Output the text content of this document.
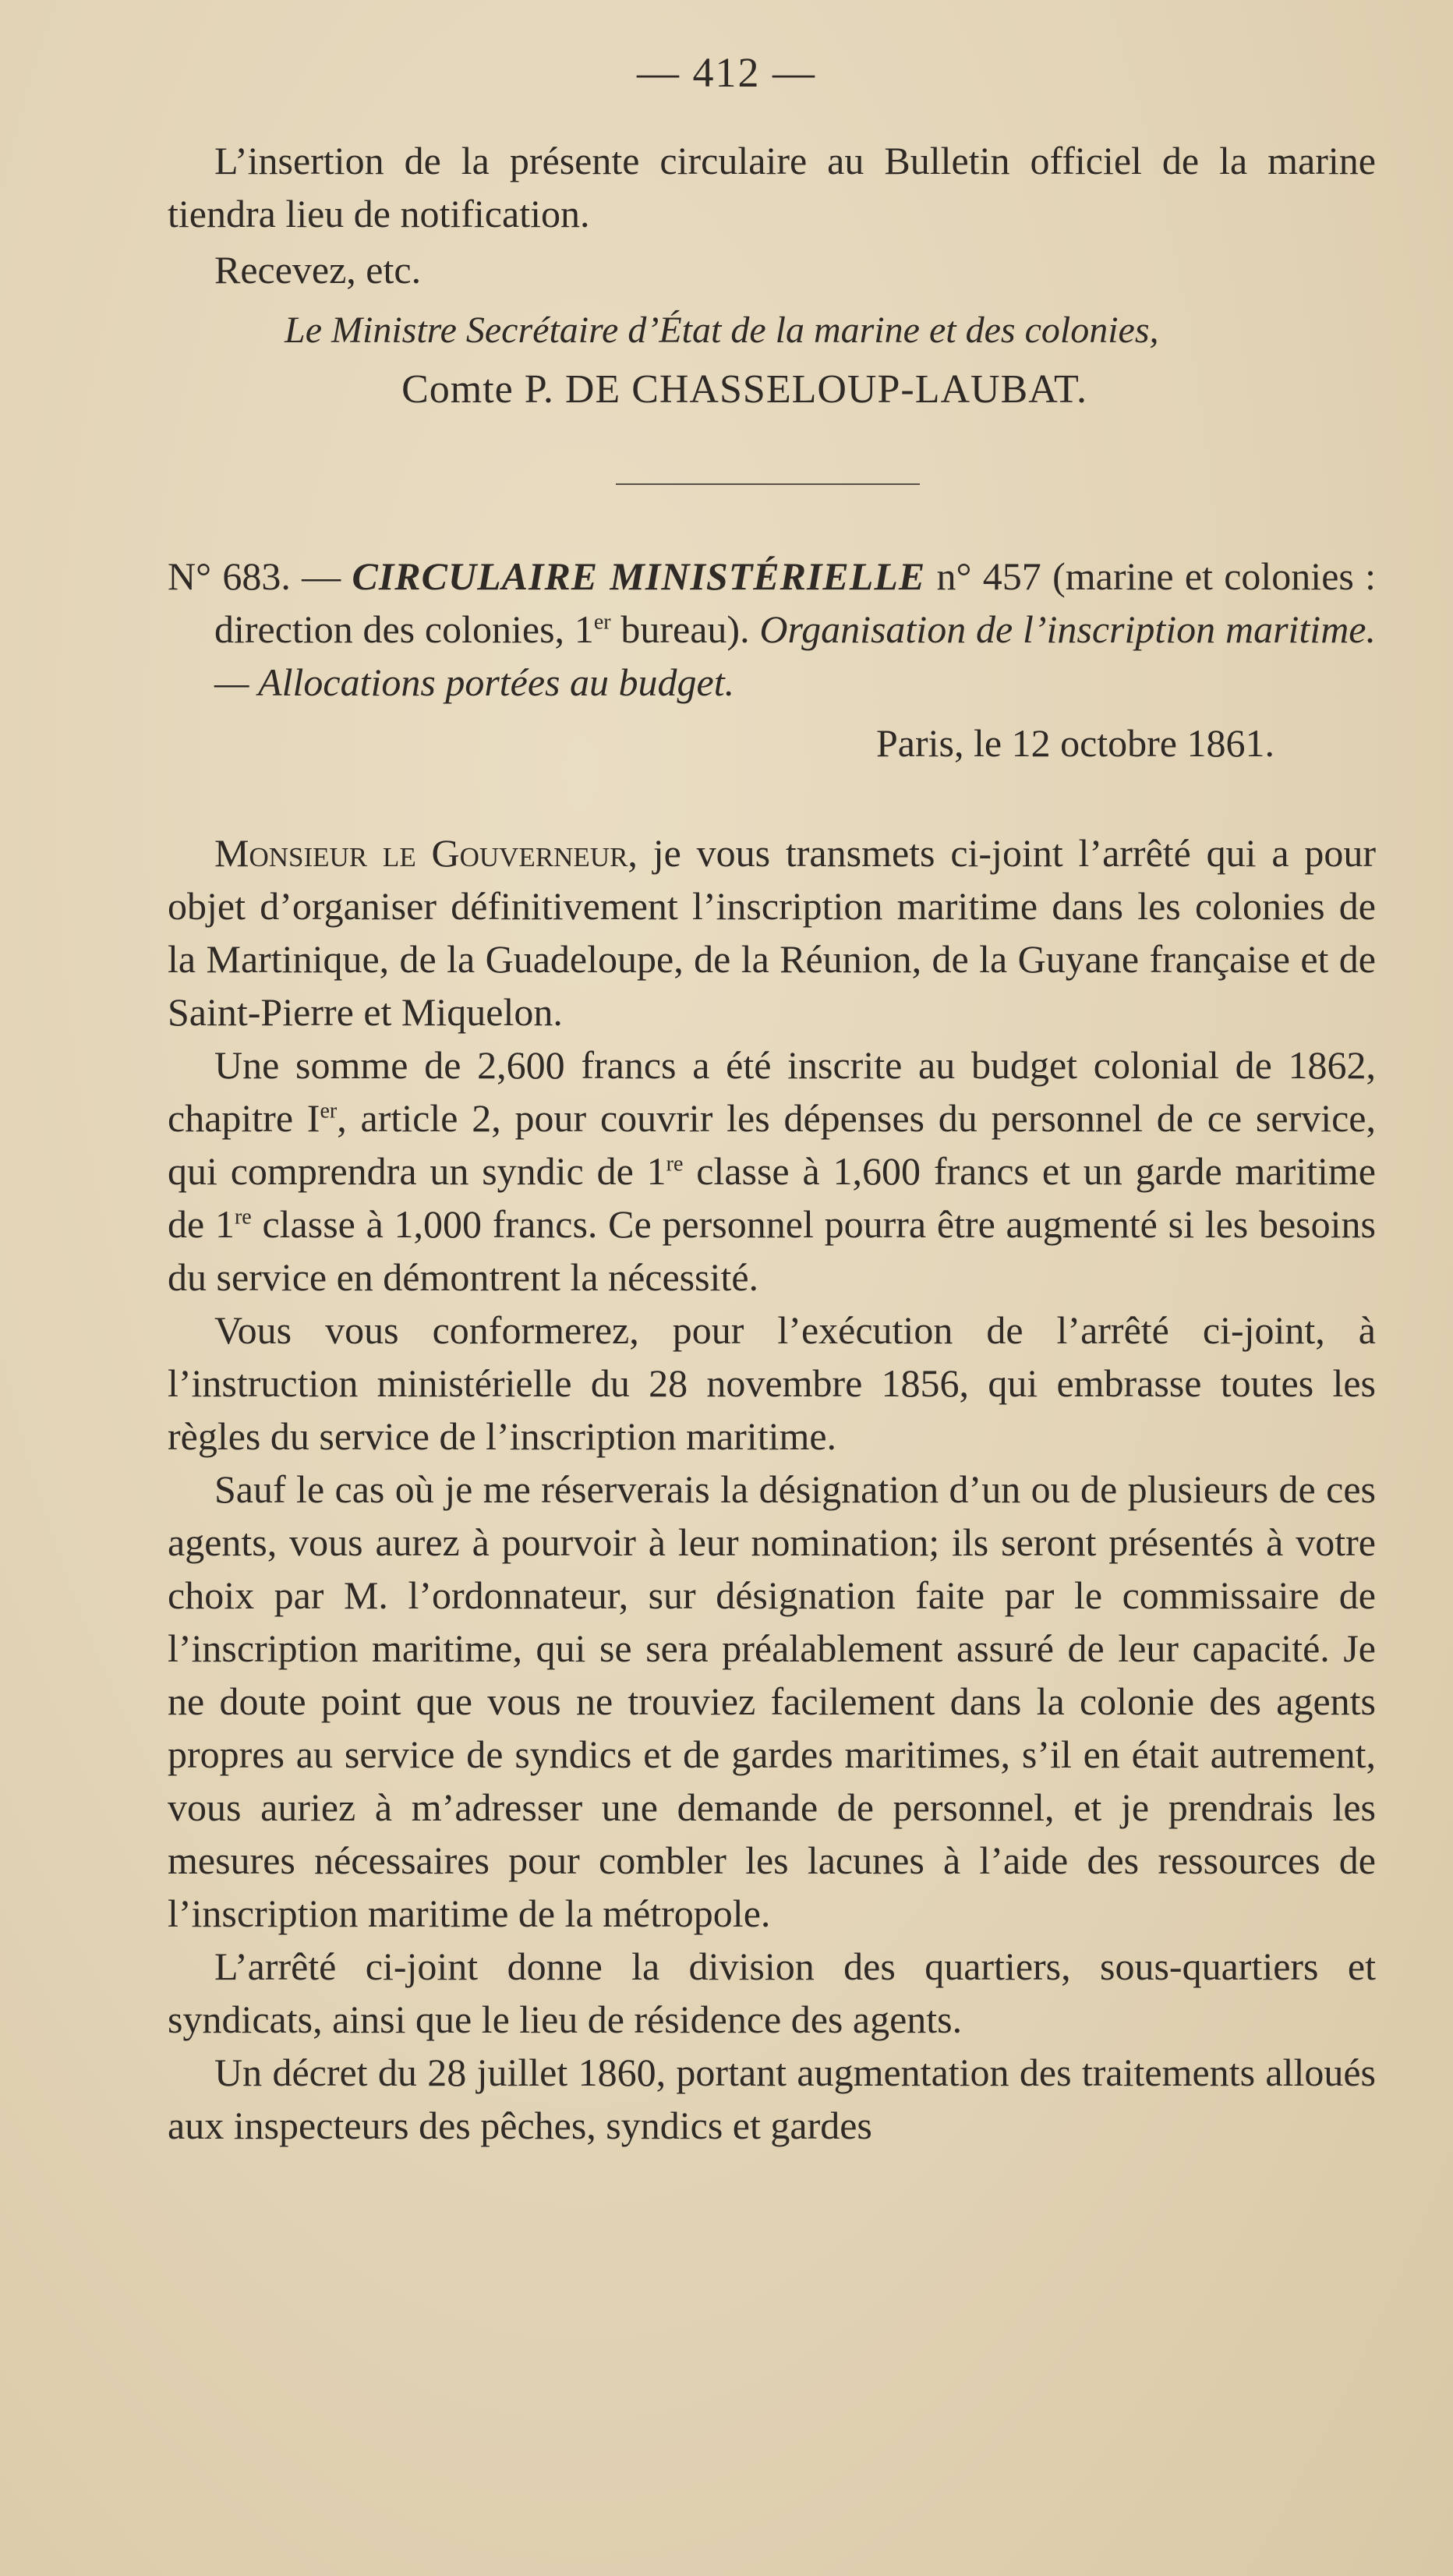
— 412 —

L’insertion de la présente circulaire au Bulletin officiel de la marine tiendra lieu de notification.

Recevez, etc.

Le Ministre Secrétaire d’État de la marine et des colonies,

Comte P. DE CHASSELOUP-LAUBAT.

N° 683. — CIRCULAIRE MINISTÉRIELLE n° 457 (marine et colonies : direction des colonies, 1er bureau). Organisation de l’inscription maritime. — Allocations portées au budget.

Paris, le 12 octobre 1861.

Monsieur le Gouverneur, je vous transmets ci-joint l’arrêté qui a pour objet d’organiser définitivement l’inscription maritime dans les colonies de la Martinique, de la Guadeloupe, de la Réunion, de la Guyane française et de Saint-Pierre et Miquelon.

Une somme de 2,600 francs a été inscrite au budget colonial de 1862, chapitre Ier, article 2, pour couvrir les dépenses du personnel de ce service, qui comprendra un syndic de 1re classe à 1,600 francs et un garde maritime de 1re classe à 1,000 francs. Ce personnel pourra être augmenté si les besoins du service en démontrent la nécessité.

Vous vous conformerez, pour l’exécution de l’arrêté ci-joint, à l’instruction ministérielle du 28 novembre 1856, qui embrasse toutes les règles du service de l’inscription maritime.

Sauf le cas où je me réserverais la désignation d’un ou de plusieurs de ces agents, vous aurez à pourvoir à leur nomination; ils seront présentés à votre choix par M. l’ordonnateur, sur désignation faite par le commissaire de l’inscription maritime, qui se sera préalablement assuré de leur capacité. Je ne doute point que vous ne trouviez facilement dans la colonie des agents propres au service de syndics et de gardes maritimes, s’il en était autrement, vous auriez à m’adresser une demande de personnel, et je prendrais les mesures nécessaires pour combler les lacunes à l’aide des ressources de l’inscription maritime de la métropole.

L’arrêté ci-joint donne la division des quartiers, sous-quartiers et syndicats, ainsi que le lieu de résidence des agents.

Un décret du 28 juillet 1860, portant augmentation des traitements alloués aux inspecteurs des pêches, syndics et gardes
